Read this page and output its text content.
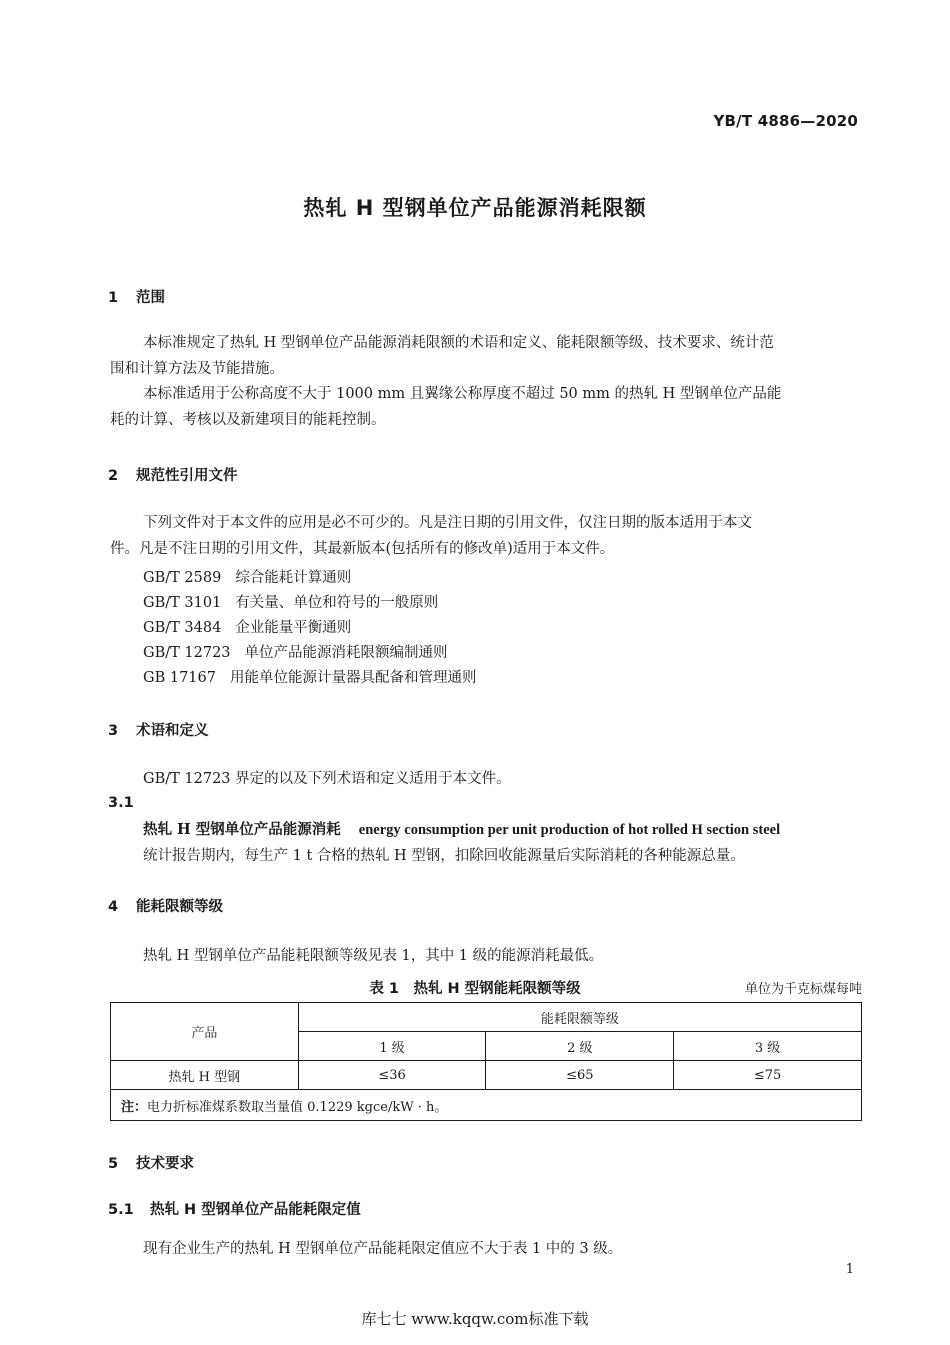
YB/T 4886—2020
热轧 H 型钢单位产品能源消耗限额
1 范围
本标准规定了热轧 H 型钢单位产品能源消耗限额的术语和定义、能耗限额等级、技术要求、统计范
围和计算方法及节能措施。
本标准适用于公称高度不大于 1000 mm 且翼缘公称厚度不超过 50 mm 的热轧 H 型钢单位产品能
耗的计算、考核以及新建项目的能耗控制。
2 规范性引用文件
下列文件对于本文件的应用是必不可少的。凡是注日期的引用文件，仅注日期的版本适用于本文
件。凡是不注日期的引用文件，其最新版本(包括所有的修改单)适用于本文件。
GB/T 2589 综合能耗计算通则
GB/T 3101 有关量、单位和符号的一般原则
GB/T 3484 企业能量平衡通则
GB/T 12723 单位产品能源消耗限额编制通则
GB 17167 用能单位能源计量器具配备和管理通则
3 术语和定义
GB/T 12723 界定的以及下列术语和定义适用于本文件。
3.1
热轧 H 型钢单位产品能源消耗 energy consumption per unit production of hot rolled H section steel
统计报告期内，每生产 1 t 合格的热轧 H 型钢，扣除回收能源量后实际消耗的各种能源总量。
4 能耗限额等级
热轧 H 型钢单位产品能耗限额等级见表 1，其中 1 级的能源消耗最低。
表 1　热轧 H 型钢能耗限额等级	单位为千克标煤每吨
产品	能耗限额等级		
	1 级	2 级	3 级
热轧 H 型钢	≤36	≤65	≤75
注：电力折标准煤系数取当量值 0.1229 kgce/kW · h。			
5 技术要求
5.1 热轧 H 型钢单位产品能耗限定值
现有企业生产的热轧 H 型钢单位产品能耗限定值应不大于表 1 中的 3 级。
1
库七七 www.kqqw.com标准下载
